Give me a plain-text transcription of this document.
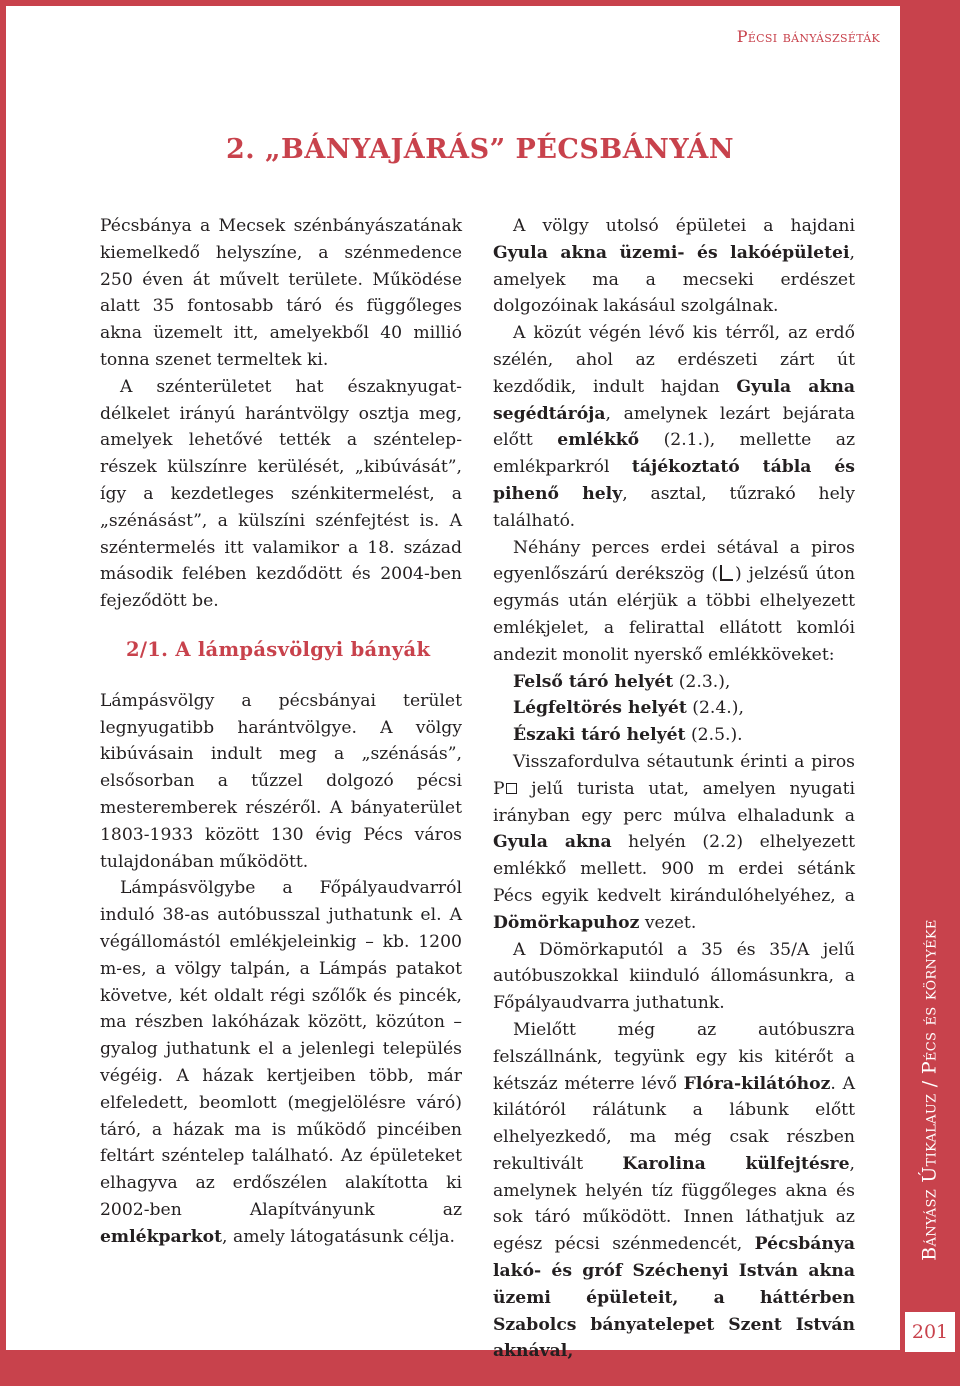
Pécsi bányászséták
Bányász Útikalauz / Pécs és környéke
201
2. „BÁNYAJÁRÁS” PÉCSBÁNYÁN

Pécsbánya a Mecsek szénbányászatának kiemelkedő helyszíne, a szénmedence 250 éven át művelt területe. Működése alatt 35 fontosabb táró és függőleges akna üzemelt itt, amelyekből 40 millió tonna szenet termeltek ki.

A szénterületet hat északnyugat-délkelet irányú harántvölgy osztja meg, amelyek lehetővé tették a széntelep-részek külszínre kerülését, „kibúvását”, így a kezdetleges szénkitermelést, a „szénásást”, a külszíni szénfejtést is. A széntermelés itt valamikor a 18. század második felében kezdődött és 2004-ben fejeződött be.

2/1. A lámpásvölgyi bányák

Lámpásvölgy a pécsbányai terület legnyugatibb harántvölgye. A völgy kibúvásain indult meg a „szénásás”, elsősorban a tűzzel dolgozó pécsi mesteremberek részéről. A bányaterület 1803-1933 között 130 évig Pécs város tulajdonában működött.

Lámpásvölgybe a Főpályaudvarról induló 38-as autóbusszal juthatunk el. A végállomástól emlékjeleinkig – kb. 1200 m-es, a völgy talpán, a Lámpás patakot követve, két oldalt régi szőlők és pincék, ma részben lakóházak között, közúton – gyalog juthatunk el a jelenlegi település végéig. A házak kertjeiben több, már elfeledett, beomlott (megjelölésre váró) táró, a házak ma is működő pincéiben feltárt széntelep található. Az épületeket elhagyva az erdőszélen alakította ki 2002-ben Alapítványunk az emlékparkot, amely látogatásunk célja.

A völgy utolsó épületei a hajdani Gyula akna üzemi- és lakóépületei, amelyek ma a mecseki erdészet dolgozóinak lakásául szolgálnak.

A közút végén lévő kis térről, az erdő szélén, ahol az erdészeti zárt út kezdődik, indult hajdan Gyula akna segédtárója, amelynek lezárt bejárata előtt emlékkő (2.1.), mellette az emlékparkról tájékoztató tábla és pihenő hely, asztal, tűzrakó hely található.

Néhány perces erdei sétával a piros egyenlőszárú derékszög ( ) jelzésű úton egymás után elérjük a többi elhelyezett emlékjelet, a felirattal ellátott komlói andezit monolit nyerskő emlékköveket:

Felső táró helyét (2.3.),

Légfeltörés helyét (2.4.),

Északi táró helyét (2.5.).

Visszafordulva sétautunk érinti a piros P jelű turista utat, amelyen nyugati irányban egy perc múlva elhaladunk a Gyula akna helyén (2.2) elhelyezett emlékkő mellett. 900 m erdei sétánk Pécs egyik kedvelt kirándulóhelyéhez, a Dömörkapuhoz vezet.

A Dömörkaputól a 35 és 35/A jelű autóbuszokkal kiinduló állomásunkra, a Főpályaudvarra juthatunk.

Mielőtt még az autóbuszra felszállnánk, tegyünk egy kis kitérőt a kétszáz méterre lévő Flóra-kilátóhoz. A kilátóról rálátunk a lábunk előtt elhelyezkedő, ma még csak részben rekultivált Karolina külfejtésre, amelynek helyén tíz függőleges akna és sok táró működött. Innen láthatjuk az egész pécsi szénmedencét, Pécsbánya lakó- és gróf Széchenyi István akna üzemi épületeit, a háttérben Szabolcs bányatelepet Szent István aknával,
